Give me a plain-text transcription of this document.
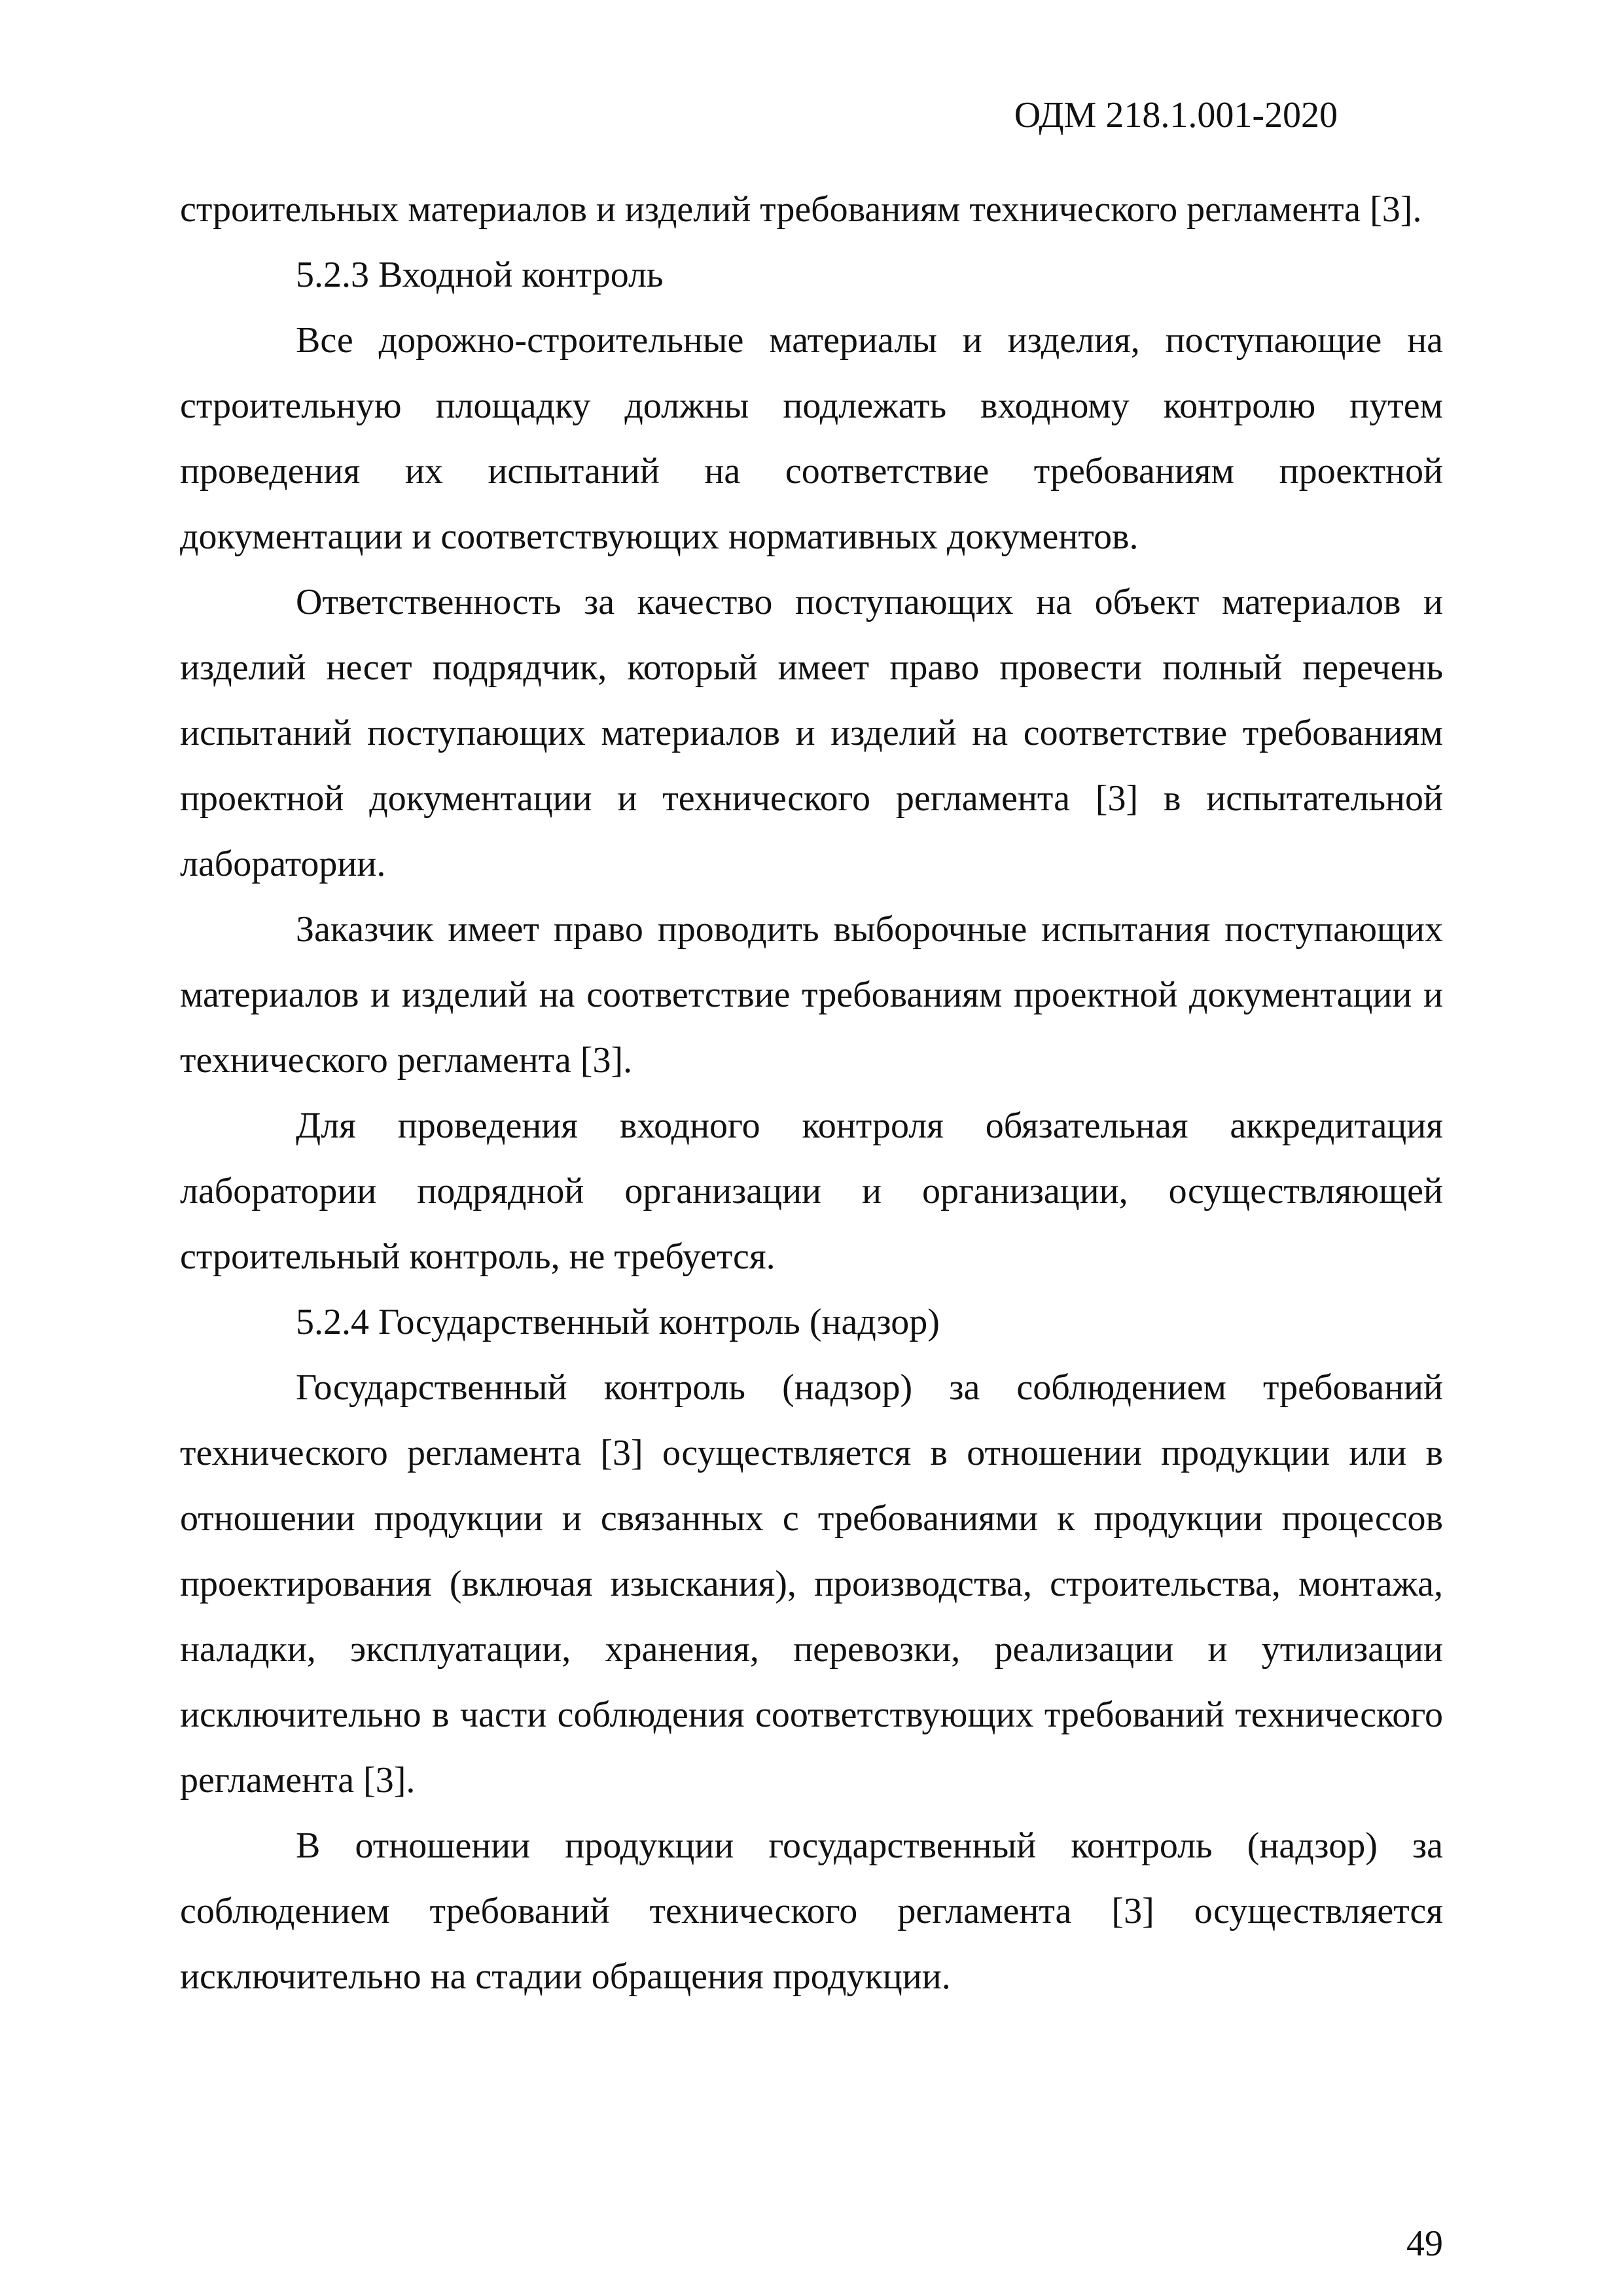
ОДМ 218.1.001-2020

строительных материалов и изделий требованиям технического регламента [3].

5.2.3 Входной контроль

Все дорожно-строительные материалы и изделия, поступающие на строительную площадку должны подлежать входному контролю путем проведения их испытаний на соответствие требованиям проектной документации и соответствующих нормативных документов.

Ответственность за качество поступающих на объект материалов и изделий несет подрядчик, который имеет право провести полный перечень испытаний поступающих материалов и изделий на соответствие требованиям проектной документации и технического регламента [3] в испытательной лаборатории.

Заказчик имеет право проводить выборочные испытания поступающих материалов и изделий на соответствие требованиям проектной документации и технического регламента [3].

Для проведения входного контроля обязательная аккредитация лаборатории подрядной организации и организации, осуществляющей строительный контроль, не требуется.

5.2.4 Государственный контроль (надзор)

Государственный контроль (надзор) за соблюдением требований технического регламента [3] осуществляется в отношении продукции или в отношении продукции и связанных с требованиями к продукции процессов проектирования (включая изыскания), производства, строительства, монтажа, наладки, эксплуатации, хранения, перевозки, реализации и утилизации исключительно в части соблюдения соответствующих требований технического регламента [3].

В отношении продукции государственный контроль (надзор) за соблюдением требований технического регламента [3] осуществляется исключительно на стадии обращения продукции.

49
